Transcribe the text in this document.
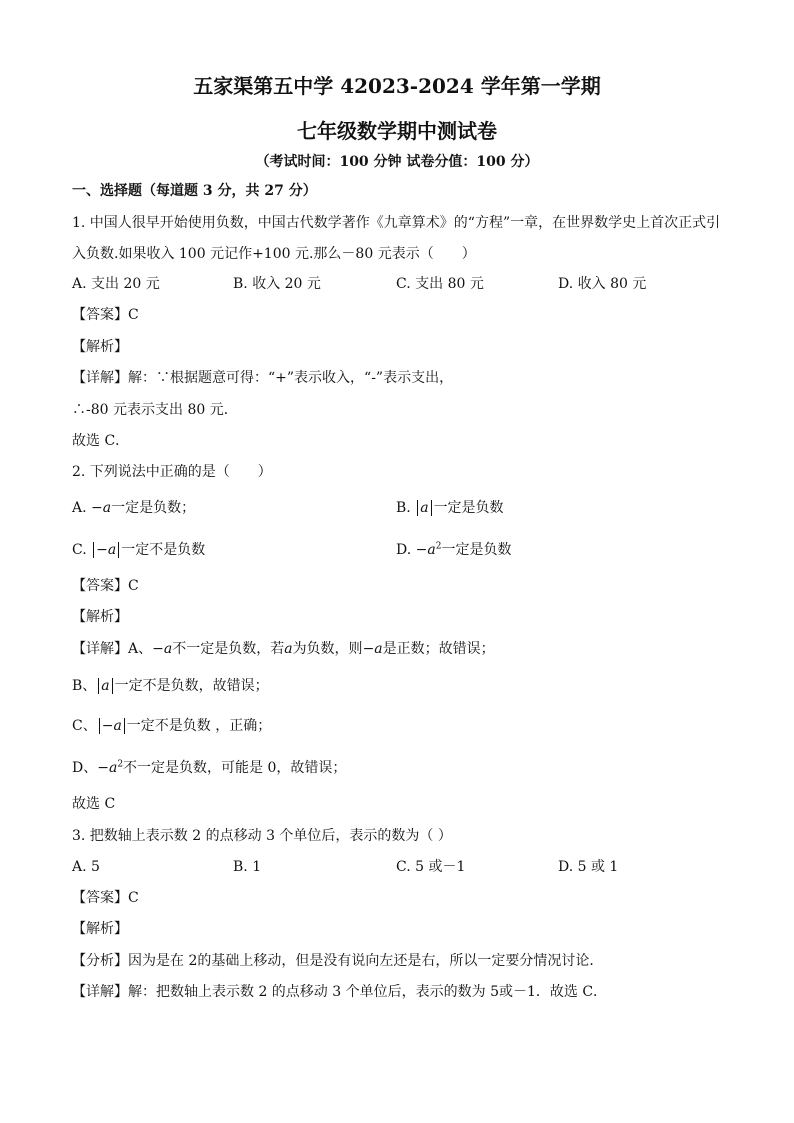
五家渠第五中学 42023-2024 学年第一学期
七年级数学期中测试卷
（考试时间：100 分钟 试卷分值：100 分）
一、选择题（每道题 3 分，共 27 分）
1. 中国人很早开始使用负数，中国古代数学著作《九章算术》的“方程”一章，在世界数学史上首次正式引
入负数.如果收入 100 元记作+100 元.那么－80 元表示（　　）
A. 支出 20 元	B. 收入 20 元	C. 支出 80 元	D. 收入 80 元
【答案】C
【解析】
【详解】解：∵根据题意可得：“+”表示收入，“-”表示支出，
∴-80 元表示支出 80 元．
故选 C．
2. 下列说法中正确的是（　　）
A. −a一定是负数；	B. a 一定是负数
C. −a 一定不是负数	D. $-a^2$一定是负数
【答案】C
【解析】
【详解】A、−a不一定是负数，若a为负数，则−a是正数；故错误；
B、 a 一定不是负数，故错误；
C、 −a 一定不是负数 ，正确；
D、$-a^2$不一定是负数，可能是 0，故错误；
故选 C
3. 把数轴上表示数 2 的点移动 3 个单位后，表示的数为（ ）
A. 5	B. 1	C. 5 或－1	D. 5 或 1
【答案】C
【解析】
【分析】因为是在 2的基础上移动，但是没有说向左还是右，所以一定要分情况讨论．
【详解】解：把数轴上表示数 2 的点移动 3 个单位后，表示的数为 5或－1．故选 C．
